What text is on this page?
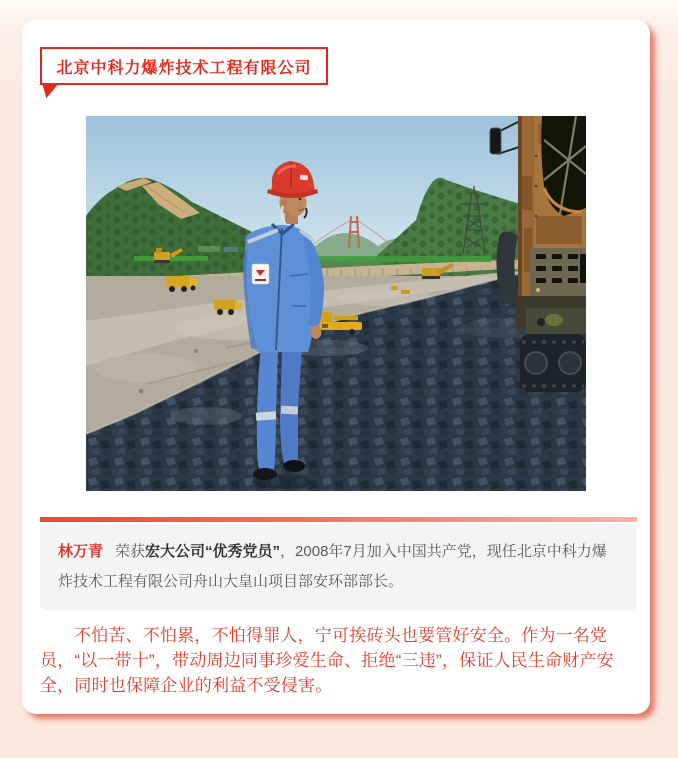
北京中科力爆炸技术工程有限公司

林万青 荣获宏大公司“优秀党员”，2008年7月加入中国共产党，现任北京中科力爆炸技术工程有限公司舟山大皇山项目部安环部部长。

不怕苦、不怕累，不怕得罪人，宁可挨砖头也要管好安全。作为一名党员，“以一带十”，带动周边同事珍爱生命、拒绝“三违”，保证人民生命财产安全，同时也保障企业的利益不受侵害。
